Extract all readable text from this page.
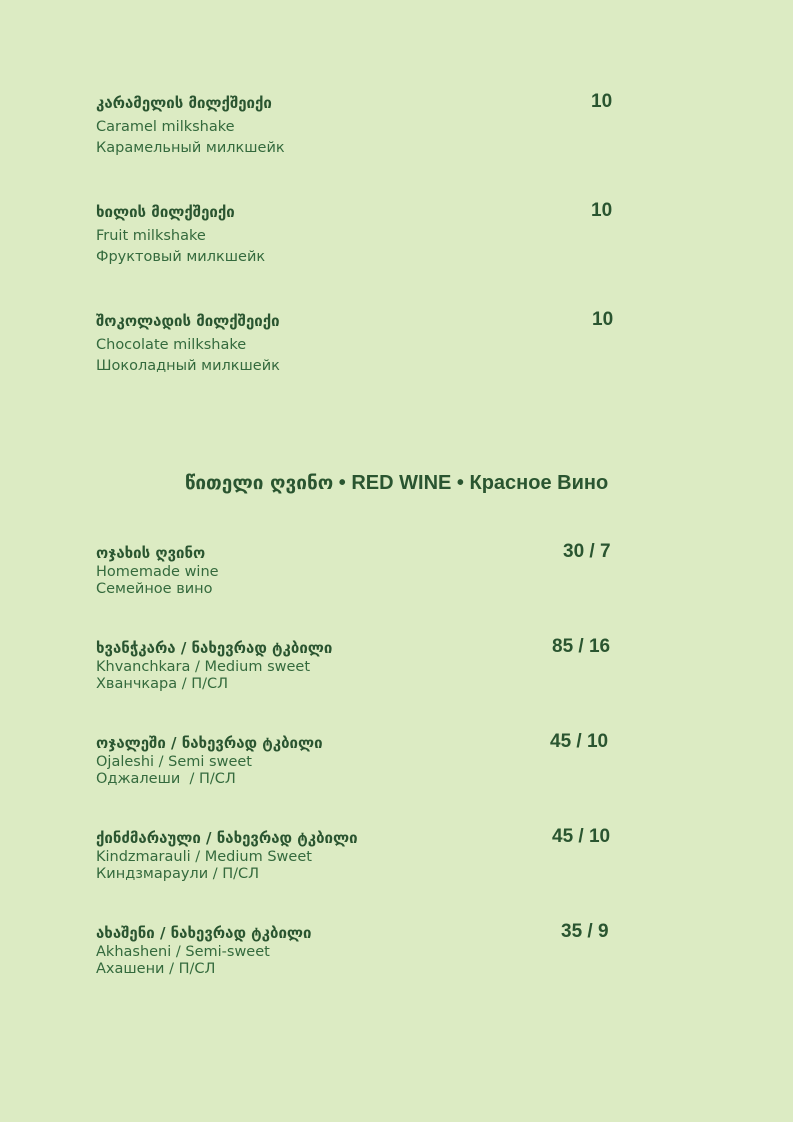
კარამელის მილქშეიქი
Caramel milkshake
Карамельный милкшейк
10
ხილის მილქშეიქი
Fruit milkshake
Фруктовый милкшейк
10
შოკოლადის მილქშეიქი
Chocolate milkshake
Шоколадный милкшейк
10
წითელი ღვინო • RED WINE • Красное Вино
ოჯახის ღვინო
Homemade wine
Семейное вино
30 / 7
ხვანჭკარა / ნახევრად ტკბილი
Khvanchkara / Medium sweet
Хванчкара / П/СЛ
85 / 16
ოჯალეში / ნახევრად ტკბილი
Ojaleshi / Semi sweet
Оджалеши  / П/СЛ
45 / 10
ქინძმარაული / ნახევრად ტკბილი
Kindzmarauli / Medium Sweet
Киндзмараули / П/СЛ
45 / 10
ახაშენი / ნახევრად ტკბილი
Akhasheni / Semi-sweet
Ахашени / П/СЛ
35 / 9
